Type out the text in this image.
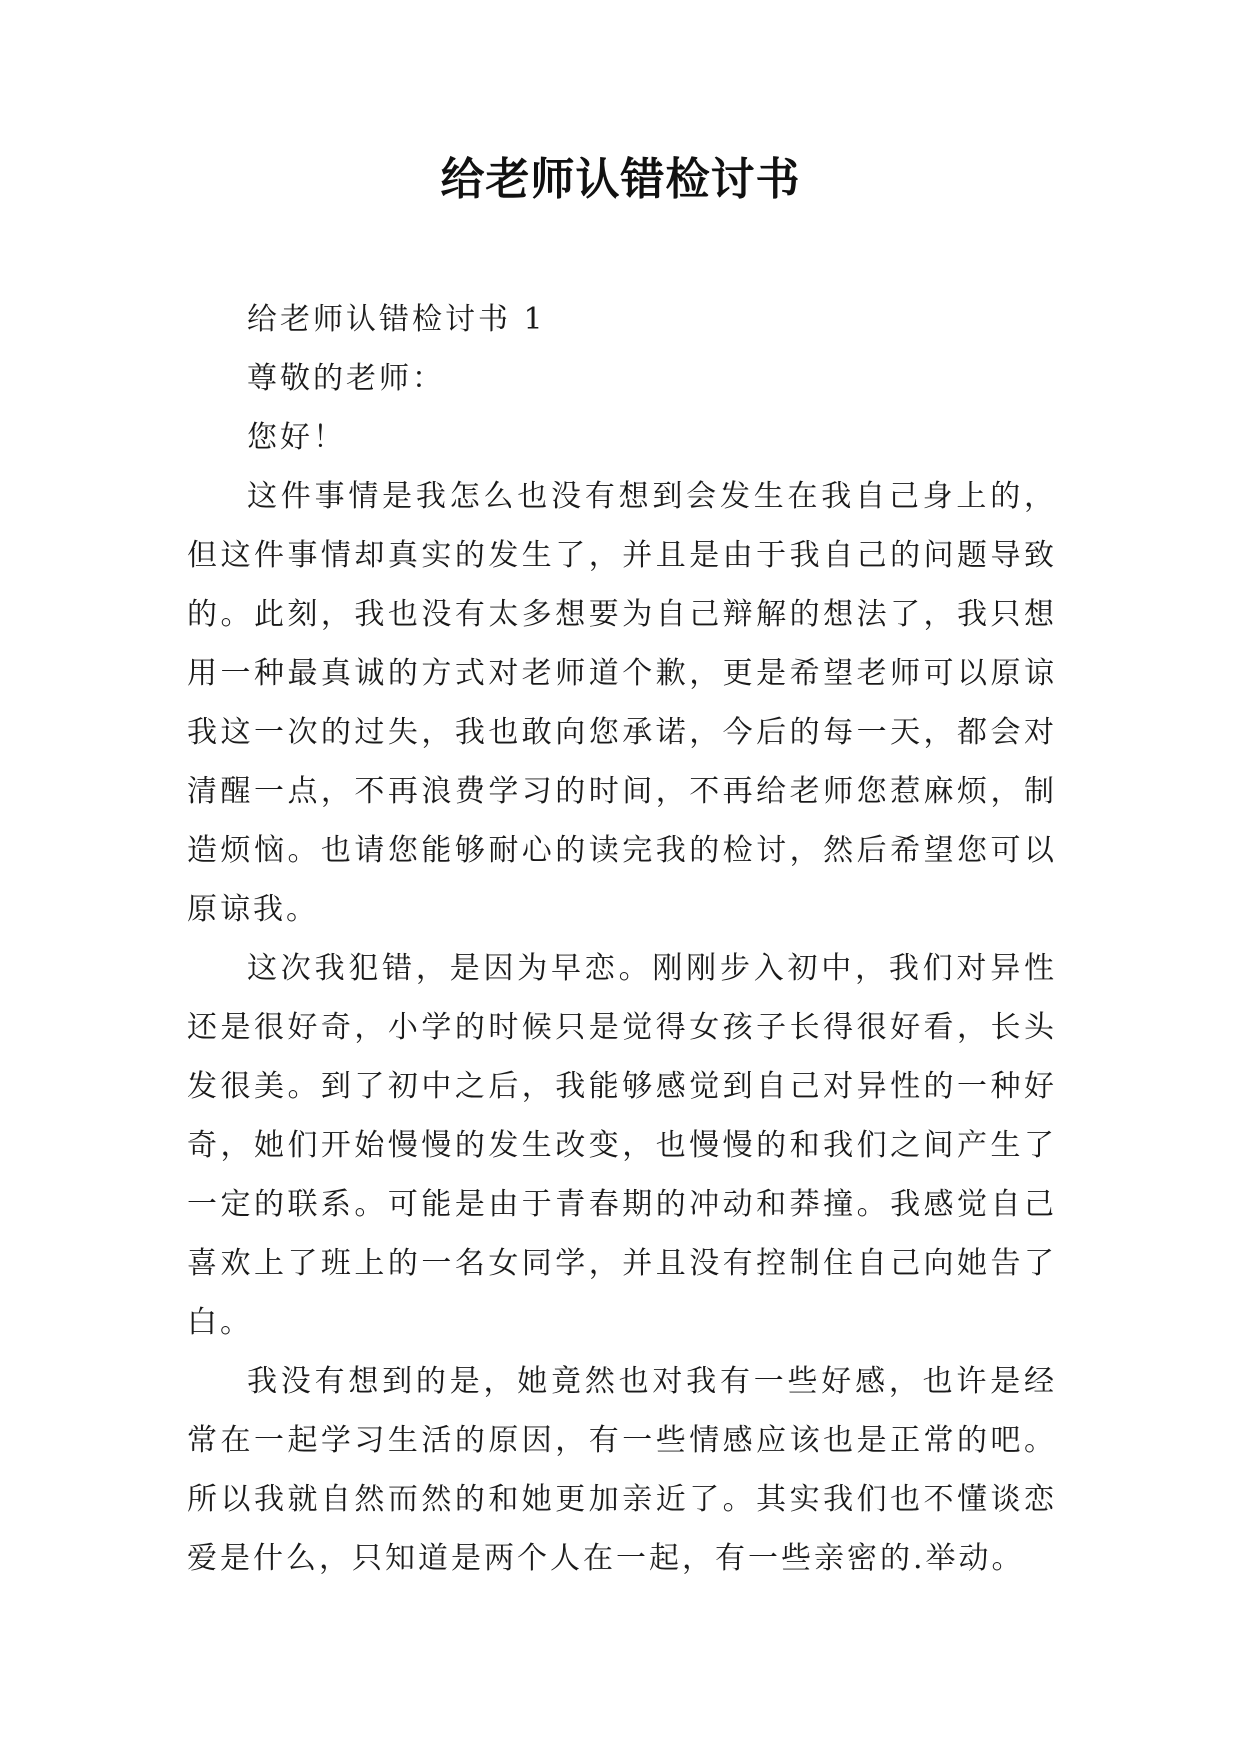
给老师认错检讨书

给老师认错检讨书 1

尊敬的老师：

您好！

这件事情是我怎么也没有想到会发生在我自己身上的，但这件事情却真实的发生了，并且是由于我自己的问题导致的。此刻，我也没有太多想要为自己辩解的想法了，我只想用一种最真诚的方式对老师道个歉，更是希望老师可以原谅我这一次的过失，我也敢向您承诺，今后的每一天，都会对清醒一点，不再浪费学习的时间，不再给老师您惹麻烦，制造烦恼。也请您能够耐心的读完我的检讨，然后希望您可以原谅我。

这次我犯错，是因为早恋。刚刚步入初中，我们对异性还是很好奇，小学的时候只是觉得女孩子长得很好看，长头发很美。到了初中之后，我能够感觉到自己对异性的一种好奇，她们开始慢慢的发生改变，也慢慢的和我们之间产生了一定的联系。可能是由于青春期的冲动和莽撞。我感觉自己喜欢上了班上的一名女同学，并且没有控制住自己向她告了白。

我没有想到的是，她竟然也对我有一些好感，也许是经常在一起学习生活的原因，有一些情感应该也是正常的吧。所以我就自然而然的和她更加亲近了。其实我们也不懂谈恋爱是什么，只知道是两个人在一起，有一些亲密的.举动。
